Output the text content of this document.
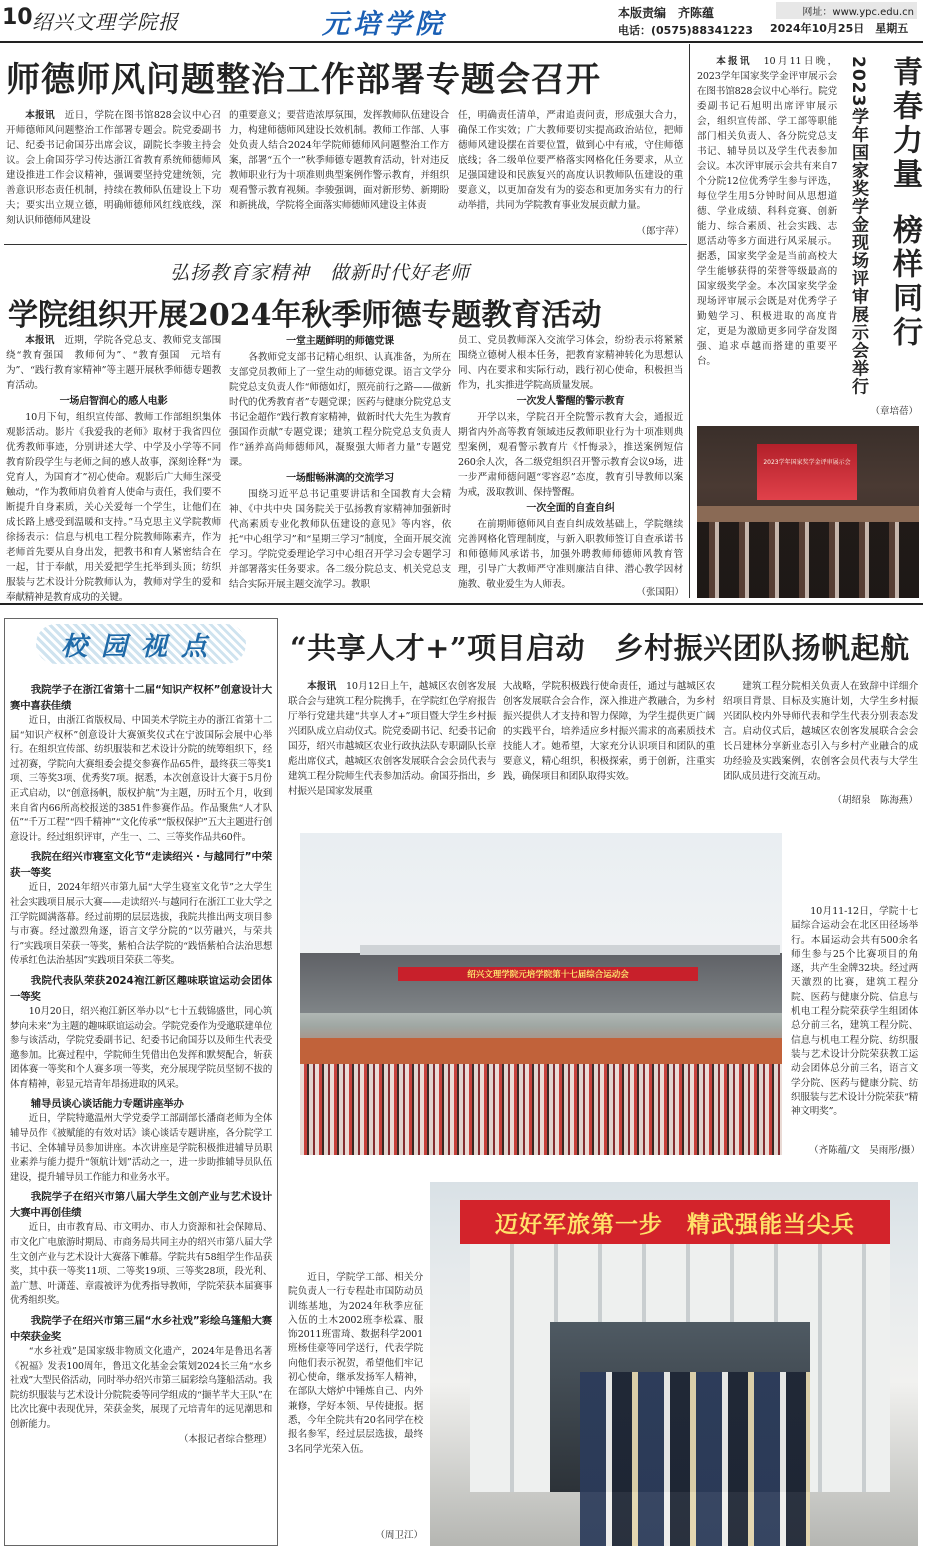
10 绍兴文理学院报	元培学院	本版责编　齐陈蕴
电话：(0575)88341223
网址：www.ypc.edu.cn
2024年10月25日　星期五
师德师风问题整治工作部署专题会召开

本报讯　 近日，学院在图书馆828会议中心召开师德师风问题整治工作部署专题会。院党委副书记、纪委书记俞国芬出席会议，副院长李骏主持会议。会上俞国芬学习传达浙江省教育系统师德师风建设推进工作会议精神，强调要坚持党建统领，完善意识形态责任机制，持续在教师队伍建设上下功夫；要实出立规立德，明确师德师风红线底线，深刻认识师德师风建设

的重要意义；要营造浓厚氛围，发挥教师队伍建设合力，构建师德师风建设长效机制。教师工作部、人事处负责人结合2024年学院师德师风问题整治工作方案，部署“五个一”秋季师德专题教育活动，针对违反教师职业行为十项准则典型案例作警示教育，并组织观看警示教育视频。李骏强调，面对新形势、新期盼和新挑战，学院将全面落实师德师风建设主体责

任，明确责任清单，严肃追责问责，形成强大合力，确保工作实效；广大教师要切实提高政治站位，把师德师风建设摆在首要位置，做到心中有戒，守住师德底线；各二级单位要严格落实网格化任务要求，从立足强国建设和民族复兴的高度认识教师队伍建设的重要意义，以更加奋发有为的姿态和更加务实有力的行动举措，共同为学院教育事业发展贡献力量。

（郎宇萍）
青春力量
榜样同行
2023学年国家奖学金现场评审展示会举行

本报讯　 10月11日晚，2023学年国家奖学金评审展示会在图书馆828会议中心举行。院党委副书记石旭明出席评审展示会，组织宣传部、学工部等职能部门相关负责人、各分院党总支书记、辅导员以及学生代表参加会议。本次评审展示会共有来自7个分院12位优秀学生参与评选，每位学生用5分钟时间从思想道德、学业成绩、科科竞赛、创新能力、综合素质、社会实践、志愿活动等多方面进行风采展示。据悉，国家奖学金是当前高校大学生能够获得的荣誉等级最高的国家级奖学金。本次国家奖学金现场评审展示会既是对优秀学子勤勉学习、积极进取的高度肯定，更是为激励更多同学奋发图强、追求卓越而搭建的重要平台。

（章培蓓）
2023学年国家奖学金评审展示会
弘扬教育家精神　做新时代好老师
学院组织开展2024年秋季师德专题教育活动

本报讯　 近期，学院各党总支、教师党支部围绕“教育强国　教师何为”、“教育强国　元培有为”、“践行教育家精神”等主题开展秋季师德专题教育活动。

一场启智润心的感人电影

10月下旬，组织宣传部、教师工作部组织集体观影活动。影片《我爱我的老师》取材于我省四位优秀教师事迹，分别讲述大学、中学及小学等不同教育阶段学生与老师之间的感人故事，深刻诠释“为党育人，为国育才”初心使命。观影后广大师生深受触动，“作为教师肩负着育人使命与责任，我们要不断提升自身素质，关心关爱每一个学生，让他们在成长路上感受到温暖和支持。”马克思主义学院教师徐扬表示：信息与机电工程分院教师陈素卉，作为老师首先要从自身出发，把教书和育人紧密结合在一起，甘于奉献，用关爱把学生托举到头顶；纺织服装与艺术设计分院教师认为，教师对学生的爱和奉献精神是教育成功的关键。

一堂主题鲜明的师德党课

各教师党支部书记精心组织、认真准备，为所在支部党员教师上了一堂生动的师德党课。语言文学分院党总支负责人作“师德如灯，照亮前行之路——做新时代的优秀教育者”专题党课；医药与健康分院党总支书记金超作“践行教育家精神，做新时代大先生为教育强国作贡献”专题党课；建筑工程分院党总支负责人作“涵养高尚师德师风，凝聚强大师者力量”专题党课。

一场酣畅淋漓的交流学习

围绕习近平总书记重要讲话和全国教育大会精神、《中共中央 国务院关于弘扬教育家精神加强新时代高素质专业化教师队伍建设的意见》等内容，依托“中心组学习”和“星期三学习”制度，全面开展交流学习。学院党委理论学习中心组召开学习会专题学习并部署落实任务要求。各二级分院总支、机关党总支结合实际开展主题交流学习。教职

员工、党员教师深入交流学习体会，纷纷表示将紧紧围绕立德树人根本任务，把教育家精神转化为思想认同、内在要求和实际行动，践行初心使命，积极担当作为，扎实推进学院高质量发展。

一次发人警醒的警示教育

开学以来，学院召开全院警示教育大会，通报近期省内外高等教育领域违反教师职业行为十项准则典型案例，观看警示教育片《忏悔录》，推送案例短信260余人次，各二级党组织召开警示教育会议9场，进一步严肃师德问题“零容忍”态度，教育引导教师以案为戒，汲取教训、保持警醒。

一次全面的自查自纠

在前期师德师风自查自纠成效基础上，学院继续完善网格化管理制度，与新入职教师签订自查承诺书和师德师风承诺书，加强外聘教师师德师风教育管理，引导广大教师严守准则廉洁自律、潜心教学因材施教、敬业爱生为人师表。

（张国阳）
校园视点
我院学子在浙江省第十二届“知识产权杯”创意设计大赛中喜获佳绩

近日，由浙江省版权局、中国美术学院主办的浙江省第十二届“知识产权杯”创意设计大赛颁奖仪式在宁波国际会展中心举行。在组织宣传部、纺织服装和艺术设计分院的统筹组织下，经过初赛，学院向大赛组委会提交参赛作品65件，最终获三等奖1项、三等奖3项、优秀奖7项。据悉，本次创意设计大赛于5月份正式启动，以“创意扬帆，版权护航”为主题，历时五个月，收到来自省内66所高校报送的3851件参赛作品。作品聚焦“人才队伍”“千万工程”“四千精神”“文化传承”“版权保护”五大主题进行创意设计。经过组织评审，产生一、二、三等奖作品共60件。

我院在绍兴市寝室文化节“走读绍兴・与越同行”中荣获一等奖

近日，2024年绍兴市第九届“大学生寝室文化节”之大学生社会实践项目展示大赛——走读绍兴·与越同行在浙江工业大学之江学院圆满落幕。经过前期的层层选拔，我院共推出两支项目参与市赛。经过激烈角逐，语言文学分院的“以劳融兴，与荣共行”实践项目荣获一等奖，紫柏合法学院的“践悟紫柏合法治思想　传承红色法治基因”实践项目荣获二等奖。

我院代表队荣获2024袍江新区趣味联谊运动会团体一等奖

10月20日，绍兴袍江新区举办以“七十五载锦盛世，同心筑梦向未来”为主题的趣味联谊运动会。学院党委作为受邀联建单位参与该活动，学院党委副书记、纪委书记俞国芬以及师生代表受邀参加。比赛过程中，学院师生凭借出色发挥和默契配合，斩获团体赛一等奖和个人赛多项一等奖，充分展现学院员坚韧不拔的体育精神，彰显元培青年昂扬进取的风采。

辅导员谈心谈话能力专题讲座举办

近日，学院特邀温州大学党委学工部副部长潘商老师为全体辅导员作《被赋能的有效对话》谈心谈话专题讲座，各分院学工书记、全体辅导员参加讲座。本次讲座是学院积极推进辅导员职业素养与能力提升“领航计划”活动之一，进一步助推辅导员队伍建设，提升辅导员工作能力和业务水平。

我院学子在绍兴市第八届大学生文创产业与艺术设计大赛中再创佳绩

近日，由市教育局、市文明办、市人力资源和社会保障局、市文化广电旅游时期局、市商务局共同主办的绍兴市第八届大学生文创产业与艺术设计大赛落下帷幕。学院共有58组学生作品获奖，其中获一等奖11项、二等奖19项、三等奖28项，段光利、盖广慧、叶潇莲、章霞被评为优秀指导教师，学院荣获本届赛事优秀组织奖。

我院学子在绍兴市第三届“水乡社戏”彩绘乌篷船大赛中荣获金奖

“水乡社戏”是国家级非物质文化遗产，2024年是鲁迅名著《祝福》发表100周年，鲁迅文化基金会策划2024长三角“水乡社戏”大型民俗活动，同时举办绍兴市第三届彩绘乌篷船活动。我院纺织服装与艺术设计分院院委等同学组成的“撷芊芊大王队”在比次比赛中表现优异，荣获金奖，展现了元培青年的远见潮思和创新能力。

（本报记者综合整理）
“共享人才+”项目启动　乡村振兴团队扬帆起航

本报讯　 10月12日上午，越城区农创客发展联合会与建筑工程分院携手，在学院红色学府报告厅举行党建共建“共享人才+”项目暨大学生乡村振兴团队成立启动仪式。院党委副书记、纪委书记俞国芬，绍兴市越城区农业行政执法队专职副队长章彪出席仪式，越城区农创客发展联合会会员代表与建筑工程分院师生代表参加活动。俞国芬指出，乡村振兴是国家发展重

大战略，学院积极践行使命责任，通过与越城区农创客发展联合会合作，深入推进产教融合，为乡村振兴提供人才支持和智力保障，为学生提供更广阔的实践平台，培养适应乡村振兴需求的高素质技术技能人才。她希望，大家充分认识项目和团队的重要意义，精心组织，积极探索，勇于创新，注重实践，确保项目和团队取得实效。

建筑工程分院相关负责人在致辞中详细介绍项目背景、目标及实施计划，大学生乡村振兴团队校内外导师代表和学生代表分别表态发言。启动仪式后，越城区农创客发展联合会会长吕建林分享新业态引入与乡村产业融合的成功经验及实践案例，农创客会员代表与大学生团队成员进行交流互动。

（胡绍泉　陈海燕）
绍兴文理学院元培学院第十七届综合运动会

10月11-12日，学院十七届综合运动会在北区田径场举行。本届运动会共有500余名师生参与25个比赛项目的角逐，共产生金牌32块。经过两天激烈的比赛，建筑工程分院、医药与健康分院、信息与机电工程分院荣获学生组团体总分前三名，建筑工程分院、信息与机电工程分院、纺织服装与艺术设计分院荣获教工运动会团体总分前三名，语言文学分院、医药与健康分院、纺织服装与艺术设计分院荣获“精神文明奖”。

（齐陈蕴/文　吴雨彤/摄）
迈好军旅第一步　精武强能当尖兵

近日，学院学工部、相关分院负责人一行专程赴市国防动员训练基地，为2024年秋季应征入伍的土木2002班李松霖、服饰2011班雷琦、数据科学2001班杨佳豪等同学送行，代表学院向他们表示祝贺，希望他们牢记初心使命，继承发扬军人精神，在部队大熔炉中锤炼自己、内外兼修，学好本领、早传捷报。据悉，今年全院共有20名同学在校报名参军，经过层层选拔，最终3名同学光荣入伍。

（周卫江）
